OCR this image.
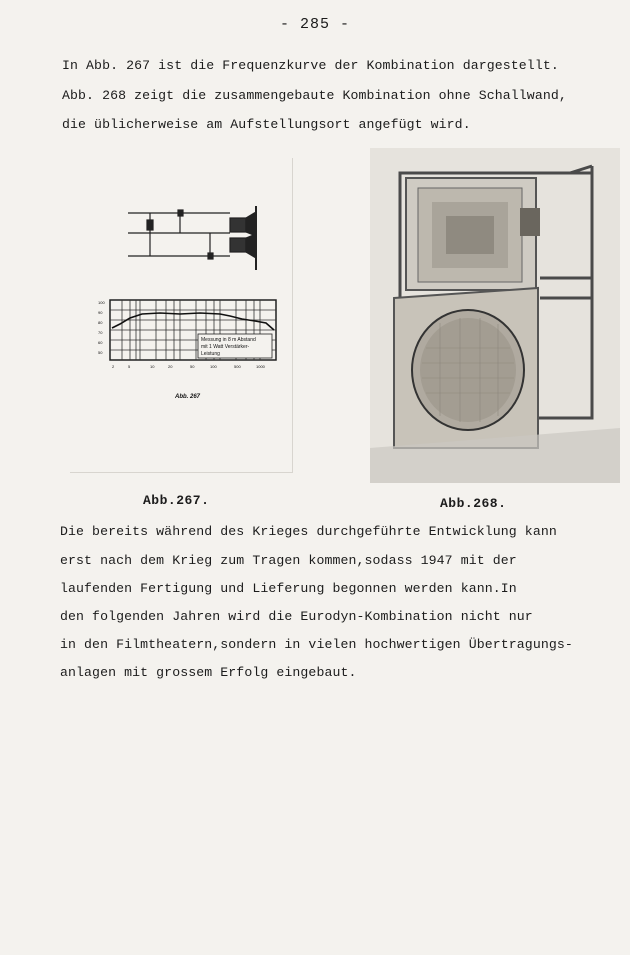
- 285 -
In Abb. 267 ist die Frequenzkurve der Kombination dargestellt.
Abb. 268 zeigt die zusammengebaute Kombination ohne Schallwand,
die üblicherweise am Aufstellungsort angefügt wird.
Messung in 8 m Abstand
mit 1 Watt Verstärker-
Leistung
100
90
80
70
60
50
2	5	10	20	50	100	500	1000
Abb. 267
Abb.267.	Abb.268.
Die bereits während des Krieges durchgeführte Entwicklung kann
erst nach dem Krieg zum Tragen kommen,sodass 1947 mit der
laufenden Fertigung und Lieferung begonnen werden kann.In
den folgenden Jahren wird die Eurodyn-Kombination nicht nur
in den Filmtheatern,sondern in vielen hochwertigen Übertragungs-
anlagen mit grossem Erfolg eingebaut.
